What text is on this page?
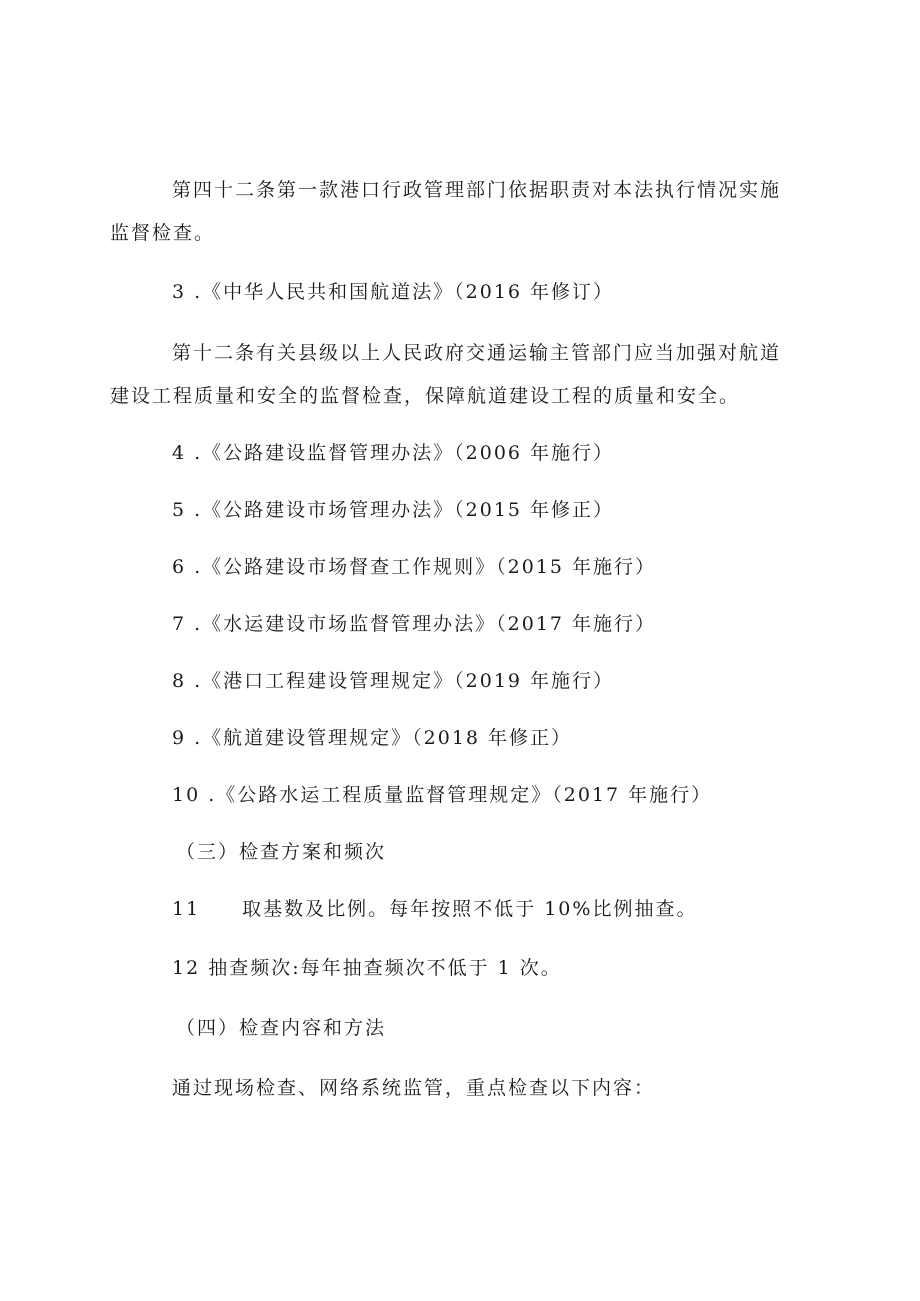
第四十二条第一款港口行政管理部门依据职责对本法执行情况实施

监督检查。

3 .《中华人民共和国航道法》（2016 年修订）

第十二条有关县级以上人民政府交通运输主管部门应当加强对航道

建设工程质量和安全的监督检查，保障航道建设工程的质量和安全。

4 .《公路建设监督管理办法》（2006 年施行）

5 .《公路建设市场管理办法》（2015 年修正）

6 .《公路建设市场督查工作规则》（2015 年施行）

7 .《水运建设市场监督管理办法》（2017 年施行）

8 .《港口工程建设管理规定》（2019 年施行）

9 .《航道建设管理规定》（2018 年修正）

10 .《公路水运工程质量监督管理规定》（2017 年施行）

（三）检查方案和频次

11　　取基数及比例。每年按照不低于 10%比例抽查。

12 抽查频次:每年抽查频次不低于 1 次。

（四）检查内容和方法

通过现场检查、网络系统监管，重点检查以下内容：
